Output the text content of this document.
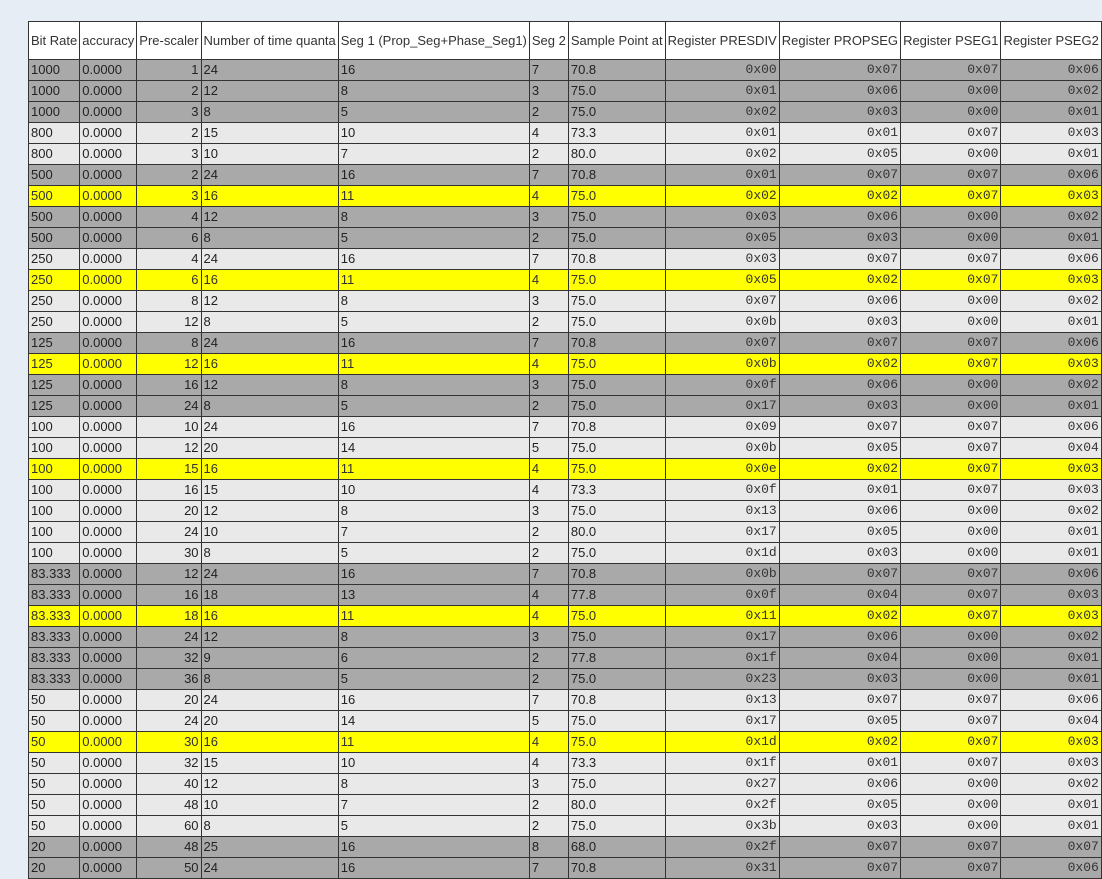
Bit Rate	accuracy	Pre-scaler	Number of time quanta	Seg 1 (Prop_Seg+Phase_Seg1)	Seg 2	Sample Point at	Register PRESDIV	Register PROPSEG	Register PSEG1	Register PSEG2
1000	0.0000	1	24	16	7	70.8	0x00	0x07	0x07	0x06
1000	0.0000	2	12	8	3	75.0	0x01	0x06	0x00	0x02
1000	0.0000	3	8	5	2	75.0	0x02	0x03	0x00	0x01
800	0.0000	2	15	10	4	73.3	0x01	0x01	0x07	0x03
800	0.0000	3	10	7	2	80.0	0x02	0x05	0x00	0x01
500	0.0000	2	24	16	7	70.8	0x01	0x07	0x07	0x06
500	0.0000	3	16	11	4	75.0	0x02	0x02	0x07	0x03
500	0.0000	4	12	8	3	75.0	0x03	0x06	0x00	0x02
500	0.0000	6	8	5	2	75.0	0x05	0x03	0x00	0x01
250	0.0000	4	24	16	7	70.8	0x03	0x07	0x07	0x06
250	0.0000	6	16	11	4	75.0	0x05	0x02	0x07	0x03
250	0.0000	8	12	8	3	75.0	0x07	0x06	0x00	0x02
250	0.0000	12	8	5	2	75.0	0x0b	0x03	0x00	0x01
125	0.0000	8	24	16	7	70.8	0x07	0x07	0x07	0x06
125	0.0000	12	16	11	4	75.0	0x0b	0x02	0x07	0x03
125	0.0000	16	12	8	3	75.0	0x0f	0x06	0x00	0x02
125	0.0000	24	8	5	2	75.0	0x17	0x03	0x00	0x01
100	0.0000	10	24	16	7	70.8	0x09	0x07	0x07	0x06
100	0.0000	12	20	14	5	75.0	0x0b	0x05	0x07	0x04
100	0.0000	15	16	11	4	75.0	0x0e	0x02	0x07	0x03
100	0.0000	16	15	10	4	73.3	0x0f	0x01	0x07	0x03
100	0.0000	20	12	8	3	75.0	0x13	0x06	0x00	0x02
100	0.0000	24	10	7	2	80.0	0x17	0x05	0x00	0x01
100	0.0000	30	8	5	2	75.0	0x1d	0x03	0x00	0x01
83.333	0.0000	12	24	16	7	70.8	0x0b	0x07	0x07	0x06
83.333	0.0000	16	18	13	4	77.8	0x0f	0x04	0x07	0x03
83.333	0.0000	18	16	11	4	75.0	0x11	0x02	0x07	0x03
83.333	0.0000	24	12	8	3	75.0	0x17	0x06	0x00	0x02
83.333	0.0000	32	9	6	2	77.8	0x1f	0x04	0x00	0x01
83.333	0.0000	36	8	5	2	75.0	0x23	0x03	0x00	0x01
50	0.0000	20	24	16	7	70.8	0x13	0x07	0x07	0x06
50	0.0000	24	20	14	5	75.0	0x17	0x05	0x07	0x04
50	0.0000	30	16	11	4	75.0	0x1d	0x02	0x07	0x03
50	0.0000	32	15	10	4	73.3	0x1f	0x01	0x07	0x03
50	0.0000	40	12	8	3	75.0	0x27	0x06	0x00	0x02
50	0.0000	48	10	7	2	80.0	0x2f	0x05	0x00	0x01
50	0.0000	60	8	5	2	75.0	0x3b	0x03	0x00	0x01
20	0.0000	48	25	16	8	68.0	0x2f	0x07	0x07	0x07
20	0.0000	50	24	16	7	70.8	0x31	0x07	0x07	0x06
